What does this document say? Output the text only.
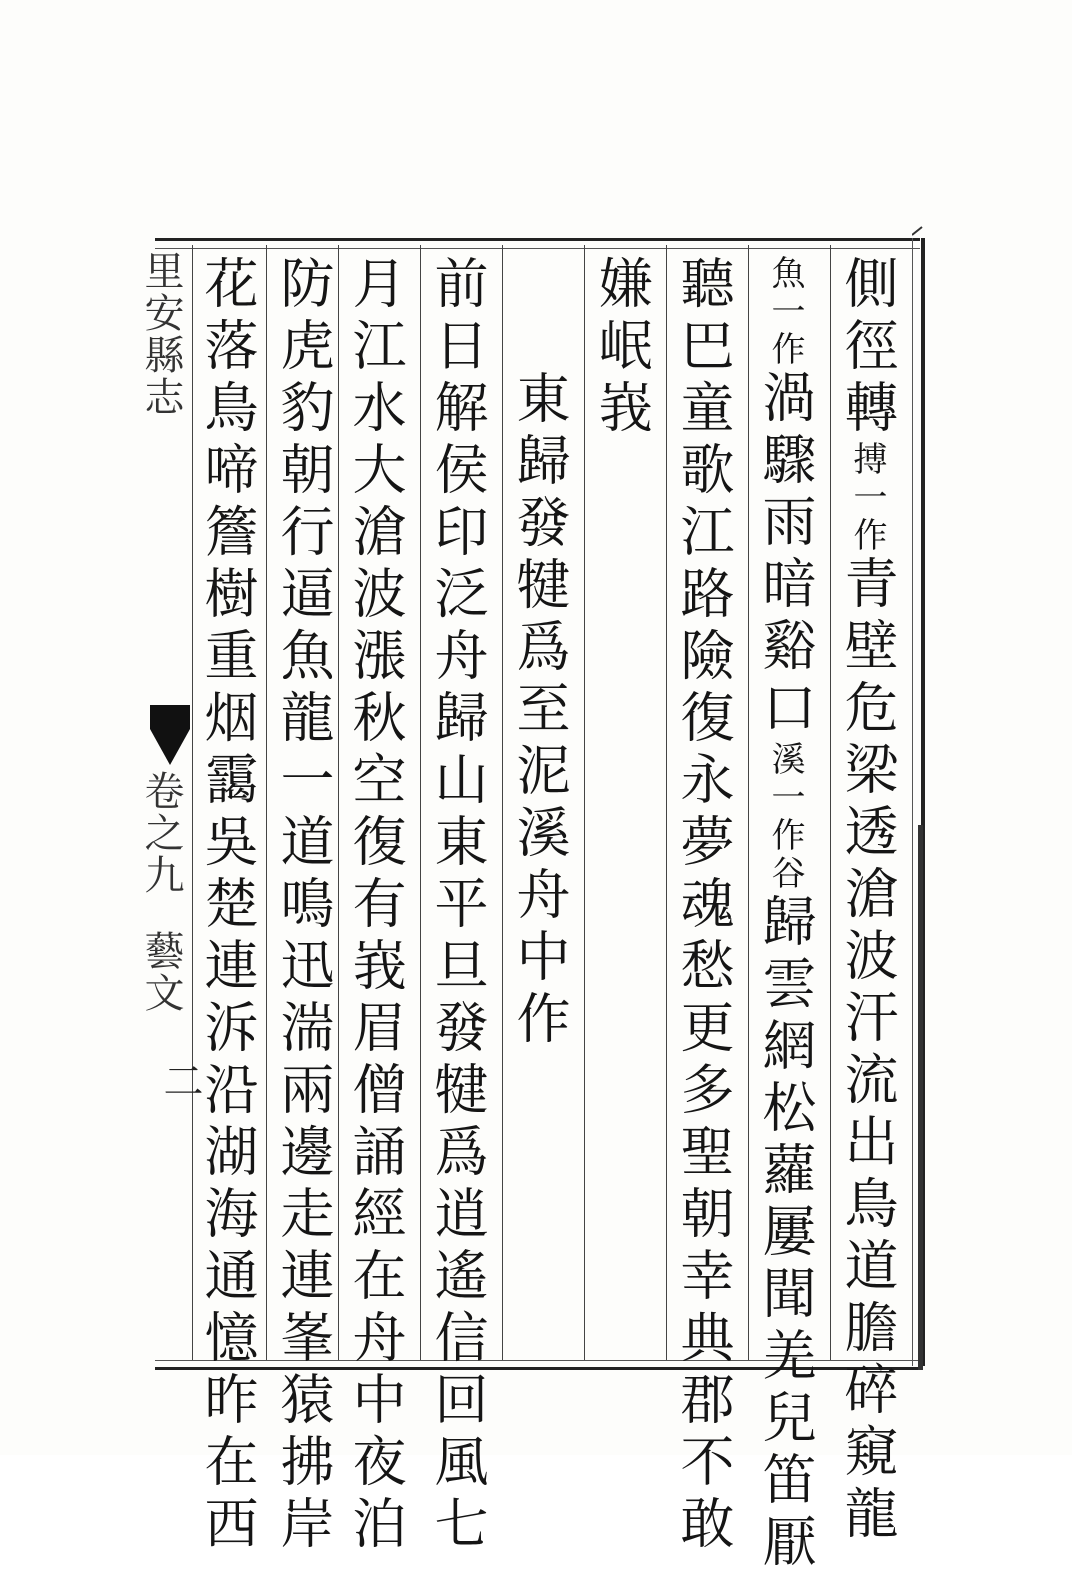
側徑轉搏一作青壁危梁透滄波汗流出鳥道膽碎窺龍
魚一作渦驟雨暗谿口溪一作谷歸雲網松蘿屢聞羌兒笛厭
聽巴童歌江路險復永夢魂愁更多聖朝幸典郡不敢
嫌岷峩
東歸發犍爲至泥溪舟中作
前日解侯印泛舟歸山東平旦發犍爲逍遙信回風七
月江水大滄波漲秋空復有峩眉僧誦經在舟中夜泊
防虎豹朝行逼魚龍一道鳴迅湍兩邊走連峯猿拂岸
花落鳥啼簷樹重烟靄吳楚連泝沿湖海通憶昨在西
里安縣志
卷之九
藝文
二
